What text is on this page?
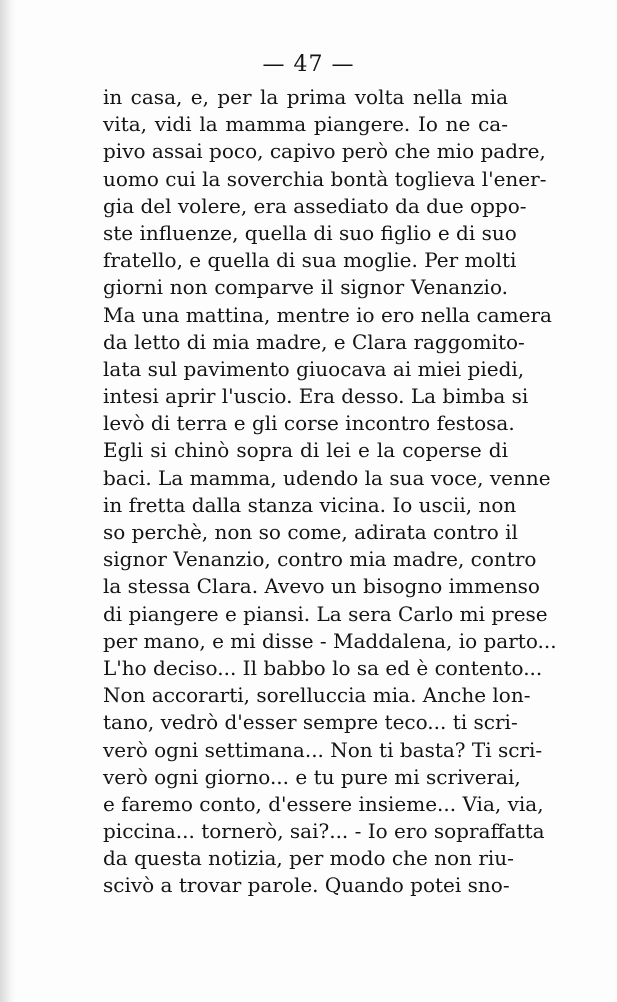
— 47 —
in casa, e, per la prima volta nella mia
vita, vidi la mamma piangere. Io ne ca-
pivo assai poco, capivo però che mio padre,
uomo cui la soverchia bontà toglieva l'ener-
gia del volere, era assediato da due oppo-
ste influenze, quella di suo figlio e di suo
fratello, e quella di sua moglie. Per molti
giorni non comparve il signor Venanzio.
Ma una mattina, mentre io ero nella camera
da letto di mia madre, e Clara raggomito-
lata sul pavimento giuocava ai miei piedi,
intesi aprir l'uscio. Era desso. La bimba si
levò di terra e gli corse incontro festosa.
Egli si chinò sopra di lei e la coperse di
baci. La mamma, udendo la sua voce, venne
in fretta dalla stanza vicina. Io uscii, non
so perchè, non so come, adirata contro il
signor Venanzio, contro mia madre, contro
la stessa Clara. Avevo un bisogno immenso
di piangere e piansi. La sera Carlo mi prese
per mano, e mi disse - Maddalena, io parto...
L'ho deciso... Il babbo lo sa ed è contento...
Non accorarti, sorelluccia mia. Anche lon-
tano, vedrò d'esser sempre teco... ti scri-
verò ogni settimana... Non ti basta? Ti scri-
verò ogni giorno... e tu pure mi scriverai,
e faremo conto, d'essere insieme... Via, via,
piccina... tornerò, sai?... - Io ero sopraffatta
da questa notizia, per modo che non riu-
scivò a trovar parole. Quando potei sno-
